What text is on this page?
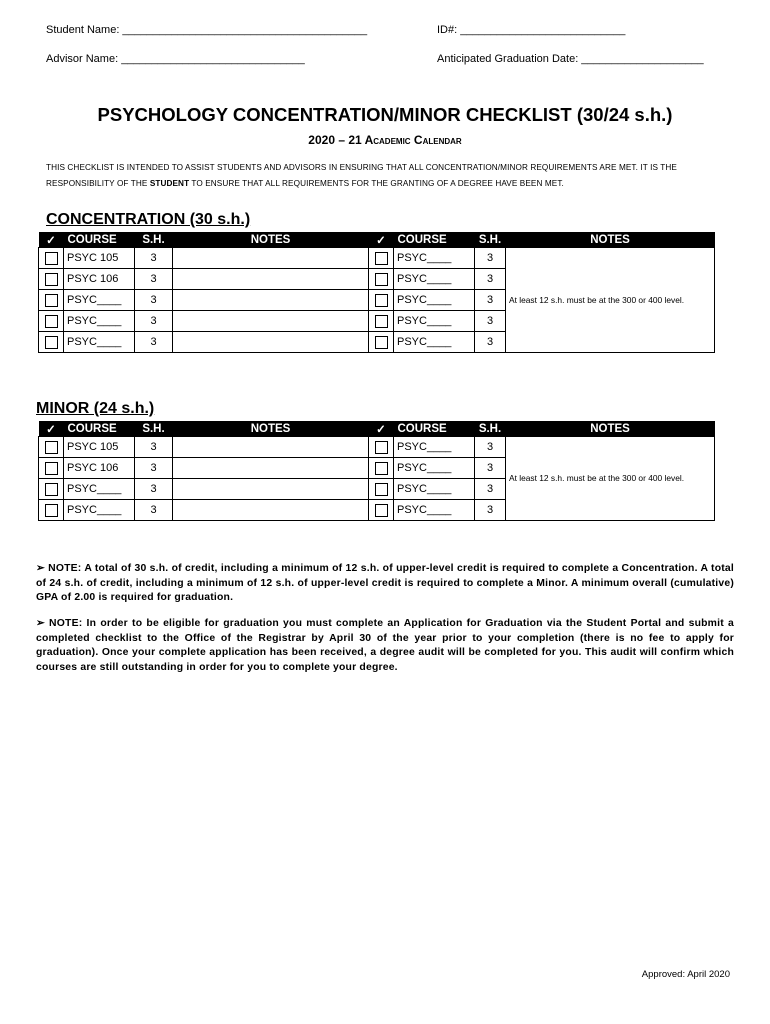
Student Name: ________________________________________	ID#: ___________________________
Advisor Name: ______________________________	Anticipated Graduation Date: ____________________
PSYCHOLOGY CONCENTRATION/MINOR CHECKLIST (30/24 s.h.)
2020 – 21 Academic Calendar
THIS CHECKLIST IS INTENDED TO ASSIST STUDENTS AND ADVISORS IN ENSURING THAT ALL CONCENTRATION/MINOR REQUIREMENTS ARE MET. IT IS THE RESPONSIBILITY OF THE STUDENT TO ENSURE THAT ALL REQUIREMENTS FOR THE GRANTING OF A DEGREE HAVE BEEN MET.
CONCENTRATION (30 s.h.)
✓	COURSE	S.H.	NOTES	✓	COURSE	S.H.	NOTES
	PSYC 105	3			PSYC____	3	At least 12 s.h. must be at the 300 or 400 level.
	PSYC 106	3			PSYC____	3	
	PSYC____	3			PSYC____	3	
	PSYC____	3			PSYC____	3	
	PSYC____	3			PSYC____	3	
MINOR (24 s.h.)
✓	COURSE	S.H.	NOTES	✓	COURSE	S.H.	NOTES
	PSYC 105	3			PSYC____	3	At least 12 s.h. must be at the 300 or 400 level.
	PSYC 106	3			PSYC____	3	
	PSYC____	3			PSYC____	3	
	PSYC____	3			PSYC____	3	
➢ NOTE: A total of 30 s.h. of credit, including a minimum of 12 s.h. of upper-level credit is required to complete a Concentration. A total of 24 s.h. of credit, including a minimum of 12 s.h. of upper-level credit is required to complete a Minor. A minimum overall (cumulative) GPA of 2.00 is required for graduation.
➢ NOTE: In order to be eligible for graduation you must complete an Application for Graduation via the Student Portal and submit a completed checklist to the Office of the Registrar by April 30 of the year prior to your completion (there is no fee to apply for graduation). Once your complete application has been received, a degree audit will be completed for you. This audit will confirm which courses are still outstanding in order for you to complete your degree.
Approved: April 2020
